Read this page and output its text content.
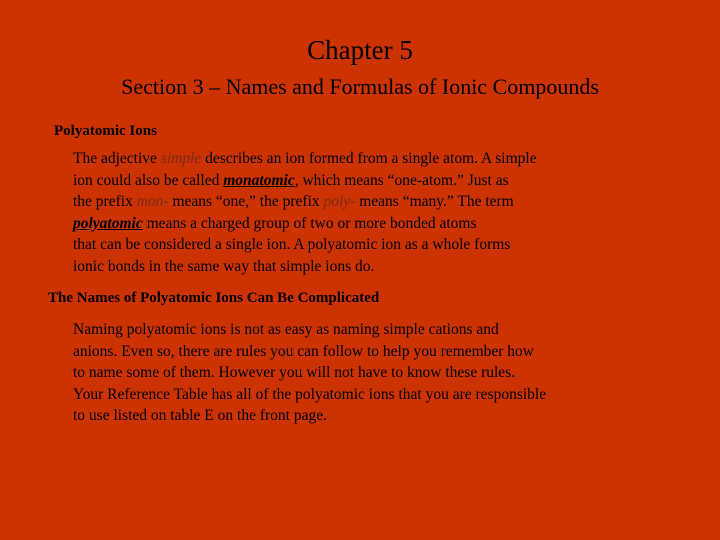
Chapter 5
Section 3 – Names and Formulas of Ionic Compounds
Polyatomic Ions
The adjective simple describes an ion formed from a single atom. A simple
ion could also be called monatomic, which means “one-atom.” Just as
the prefix mon- means “one,” the prefix poly- means “many.” The term
polyatomic means a charged group of two or more bonded atoms
that can be considered a single ion. A polyatomic ion as a whole forms
ionic bonds in the same way that simple ions do.
The Names of Polyatomic Ions Can Be Complicated
Naming polyatomic ions is not as easy as naming simple cations and
anions. Even so, there are rules you can follow to help you remember how
to name some of them. However you will not have to know these rules.
Your Reference Table has all of the polyatomic ions that you are responsible
to use listed on table E on the front page.
